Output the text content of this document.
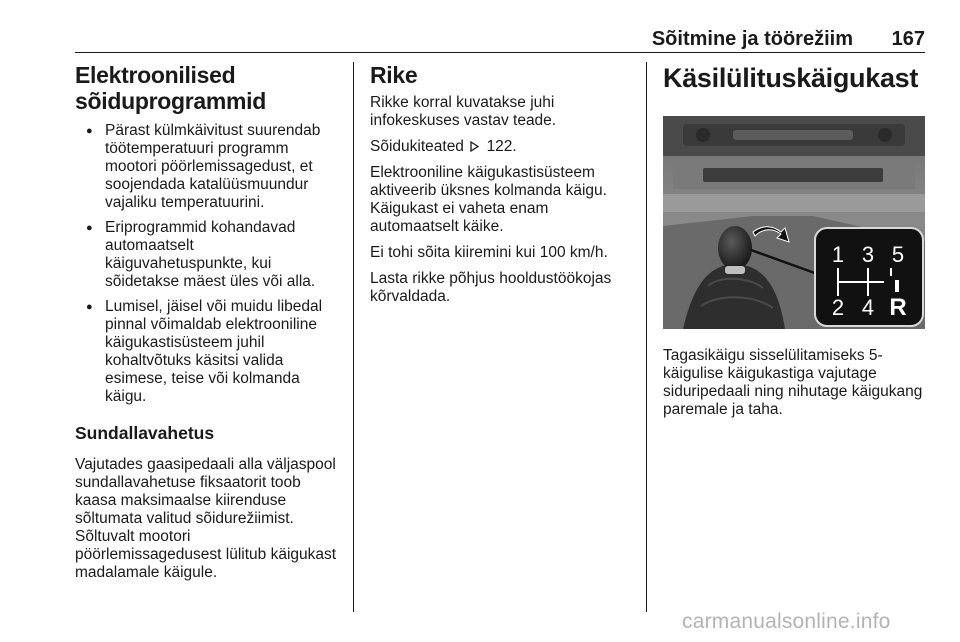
Sõitmine ja töörežiim 167
Elektroonilised sõiduprogrammid
● Pärast külmkäivitust suurendab töötemperatuuri programm mootori pöörlemissagedust, et soojendada katalüüsmuundur vajaliku temperatuurini.
● Eriprogrammid kohandavad automaatselt käiguvahetuspunkte, kui sõidetakse mäest üles või alla.
● Lumisel, jäisel või muidu libedal pinnal võimaldab elektrooniline käigukastisüsteem juhil kohaltvõtuks käsitsi valida esimese, teise või kolmanda käigu.
Sundallavahetus

Vajutades gaasipedaali alla väljaspool sundallavahetuse fiksaatorit toob kaasa maksimaalse kiirenduse sõltumata valitud sõidurežiimist. Sõltuvalt mootori pöörlemissagedusest lülitub käigukast madalamale käigule.

Rike

Rikke korral kuvatakse juhi infokeskuses vastav teade.

Sõidukiteated 122.

Elektrooniline käigukastisüsteem aktiveerib üksnes kolmanda käigu. Käigukast ei vaheta enam automaatselt käike.

Ei tohi sõita kiiremini kui 100 km/h.

Lasta rikke põhjus hooldustöökojas kõrvaldada.

Käsilülituskäigukast
1 3 5
2 4 R

Tagasikäigu sisselülitamiseks 5-käigulise käigukastiga vajutage siduripedaali ning nihutage käigukang paremale ja taha.

carmanualsonline.info
